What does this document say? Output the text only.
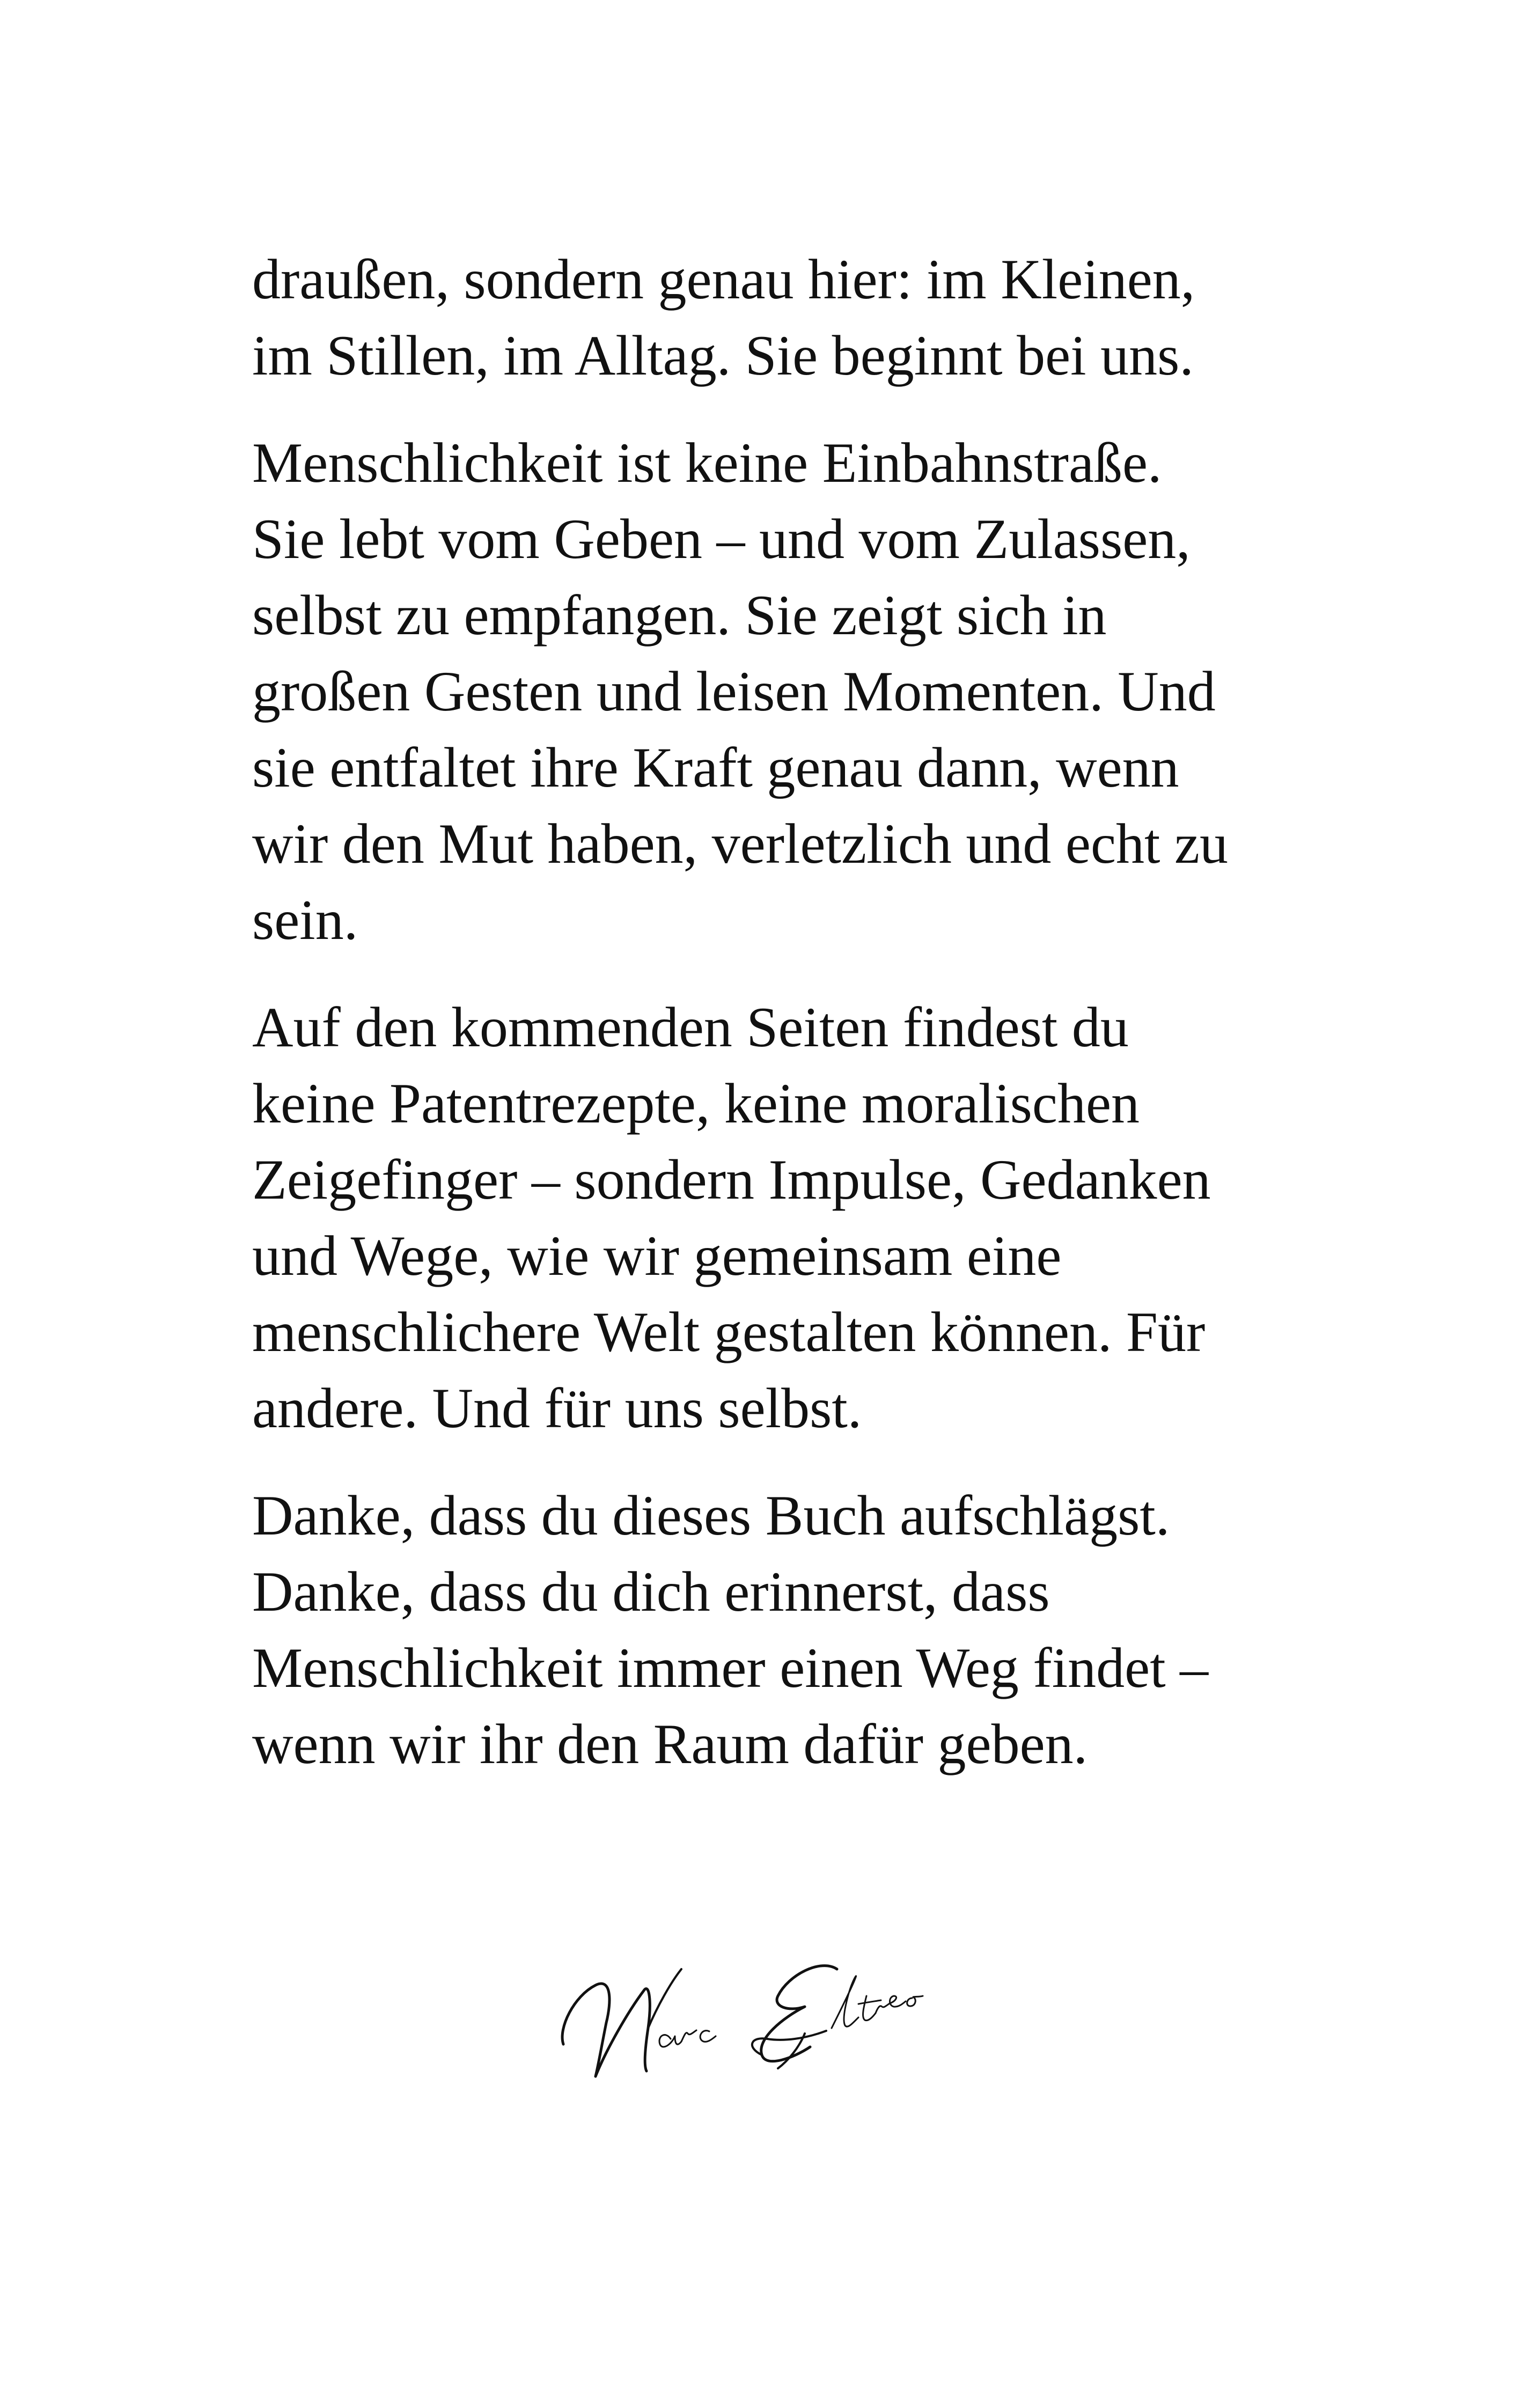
draußen, sondern genau hier: im Kleinen,
im Stillen, im Alltag. Sie beginnt bei uns.

Menschlichkeit ist keine Einbahnstraße.
Sie lebt vom Geben – und vom Zulassen,
selbst zu empfangen. Sie zeigt sich in
großen Gesten und leisen Momenten. Und
sie entfaltet ihre Kraft genau dann, wenn
wir den Mut haben, verletzlich und echt zu
sein.

Auf den kommenden Seiten findest du
keine Patentrezepte, keine moralischen
Zeigefinger – sondern Impulse, Gedanken
und Wege, wie wir gemeinsam eine
menschlichere Welt gestalten können. Für
andere. Und für uns selbst.

Danke, dass du dieses Buch aufschlägst.
Danke, dass du dich erinnerst, dass
Menschlichkeit immer einen Weg findet –
wenn wir ihr den Raum dafür geben.
